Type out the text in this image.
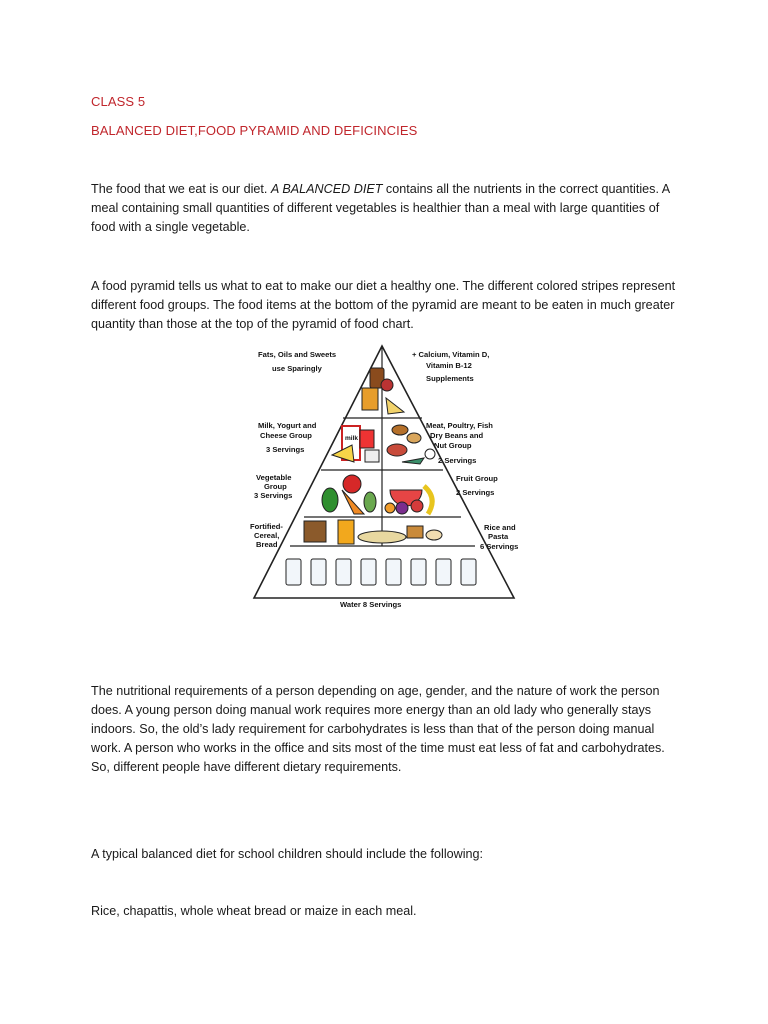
CLASS 5
BALANCED DIET,FOOD PYRAMID AND DEFICINCIES

The food that we eat is our diet. A BALANCED DIET contains all the nutrients in the correct quantities. A meal containing small quantities of different vegetables is healthier than a meal with large quantities of food with a single vegetable.

A food pyramid tells us what to eat to make our diet a healthy one. The different colored stripes represent different food groups. The food items at the bottom of the pyramid are meant to be eaten in much greater quantity than those at the top of the pyramid of food chart.

milk
Fats, Oils and Sweets
use Sparingly
Milk, Yogurt and
Cheese Group
3 Servings
Vegetable
Group
3 Servings
Fortified-
Cereal,
Bread
+ Calcium, Vitamin D,
Vitamin B-12
Supplements
Meat, Poultry, Fish
Dry Beans and
Nut Group
2 Servings
Fruit Group
2 Servings
Rice and
Pasta
6 Servings
Water 8 Servings

The nutritional requirements of a person depending on age, gender, and the nature of work the person does. A young person doing manual work requires more energy than an old lady who generally stays indoors. So, the old’s lady requirement for carbohydrates is less than that of the person doing manual work. A person who works in the office and sits most of the time must eat less of fat and carbohydrates. So, different people have different dietary requirements.

A typical balanced diet for school children should include the following:

Rice, chapattis, whole wheat bread or maize in each meal.
